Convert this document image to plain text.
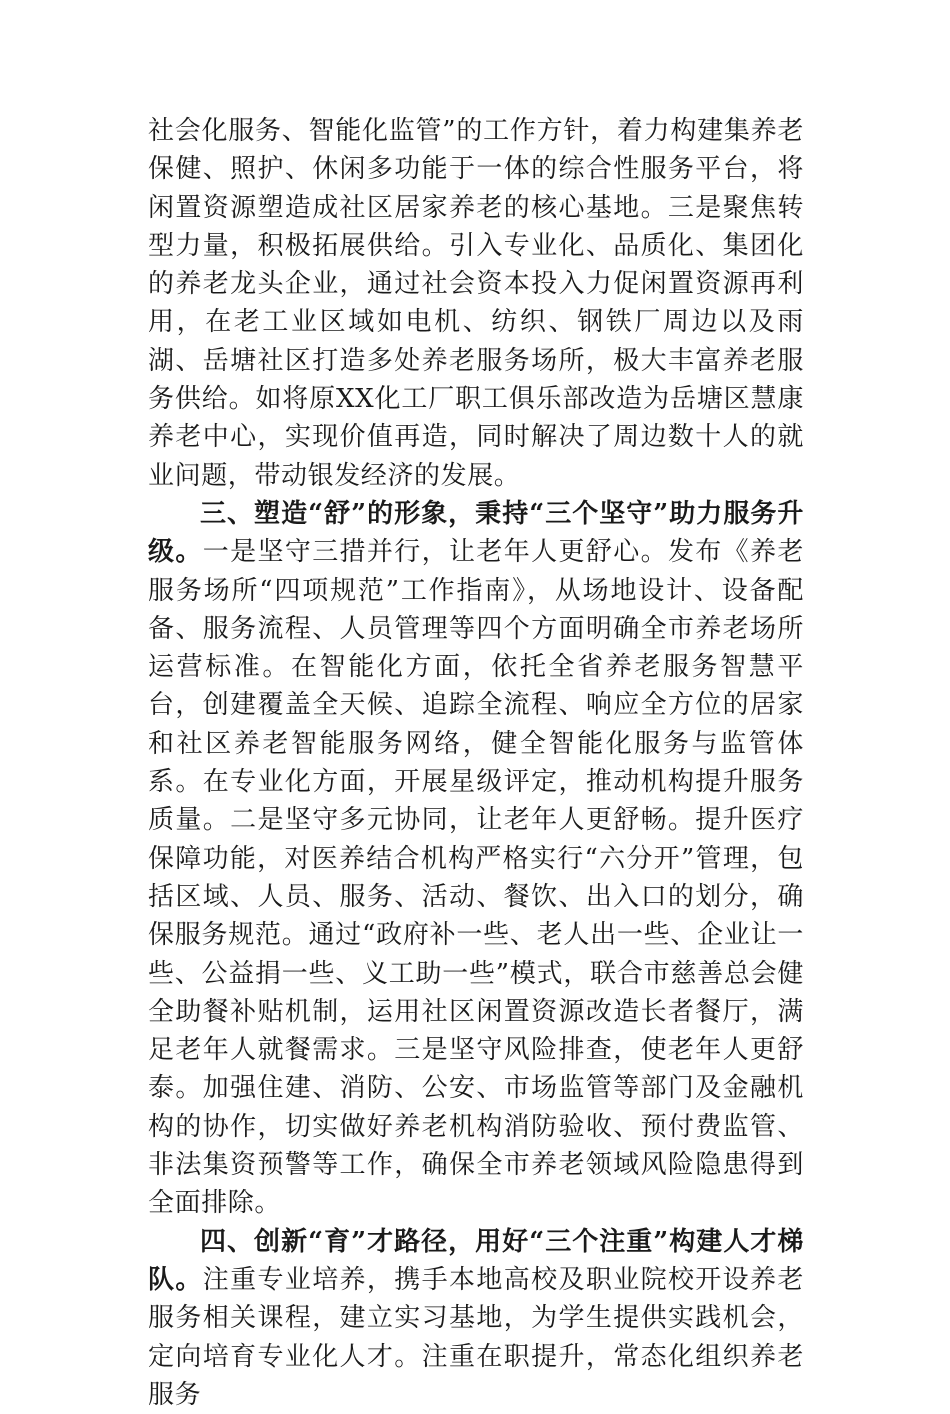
社会化服务、智能化监管”的工作方针，着力构建集养老保健、照护、休闲多功能于一体的综合性服务平台，将闲置资源塑造成社区居家养老的核心基地。三是聚焦转型力量，积极拓展供给。引入专业化、品质化、集团化的养老龙头企业，通过社会资本投入力促闲置资源再利用，在老工业区域如电机、纺织、钢铁厂周边以及雨湖、岳塘社区打造多处养老服务场所，极大丰富养老服务供给。如将原XX化工厂职工俱乐部改造为岳塘区慧康养老中心，实现价值再造，同时解决了周边数十人的就业问题，带动银发经济的发展。

三、塑造“舒”的形象，秉持“三个坚守”助力服务升级。一是坚守三措并行，让老年人更舒心。发布《养老服务场所“四项规范”工作指南》，从场地设计、设备配备、服务流程、人员管理等四个方面明确全市养老场所运营标准。在智能化方面，依托全省养老服务智慧平台，创建覆盖全天候、追踪全流程、响应全方位的居家和社区养老智能服务网络，健全智能化服务与监管体系。在专业化方面，开展星级评定，推动机构提升服务质量。二是坚守多元协同，让老年人更舒畅。提升医疗保障功能，对医养结合机构严格实行“六分开”管理，包括区域、人员、服务、活动、餐饮、出入口的划分，确保服务规范。通过“政府补一些、老人出一些、企业让一些、公益捐一些、义工助一些”模式，联合市慈善总会健全助餐补贴机制，运用社区闲置资源改造长者餐厅，满足老年人就餐需求。三是坚守风险排查，使老年人更舒泰。加强住建、消防、公安、市场监管等部门及金融机构的协作，切实做好养老机构消防验收、预付费监管、非法集资预警等工作，确保全市养老领域风险隐患得到全面排除。

四、创新“育”才路径，用好“三个注重”构建人才梯队。注重专业培养，携手本地高校及职业院校开设养老服务相关课程，建立实习基地，为学生提供实践机会，定向培育专业化人才。注重在职提升，常态化组织养老服务
